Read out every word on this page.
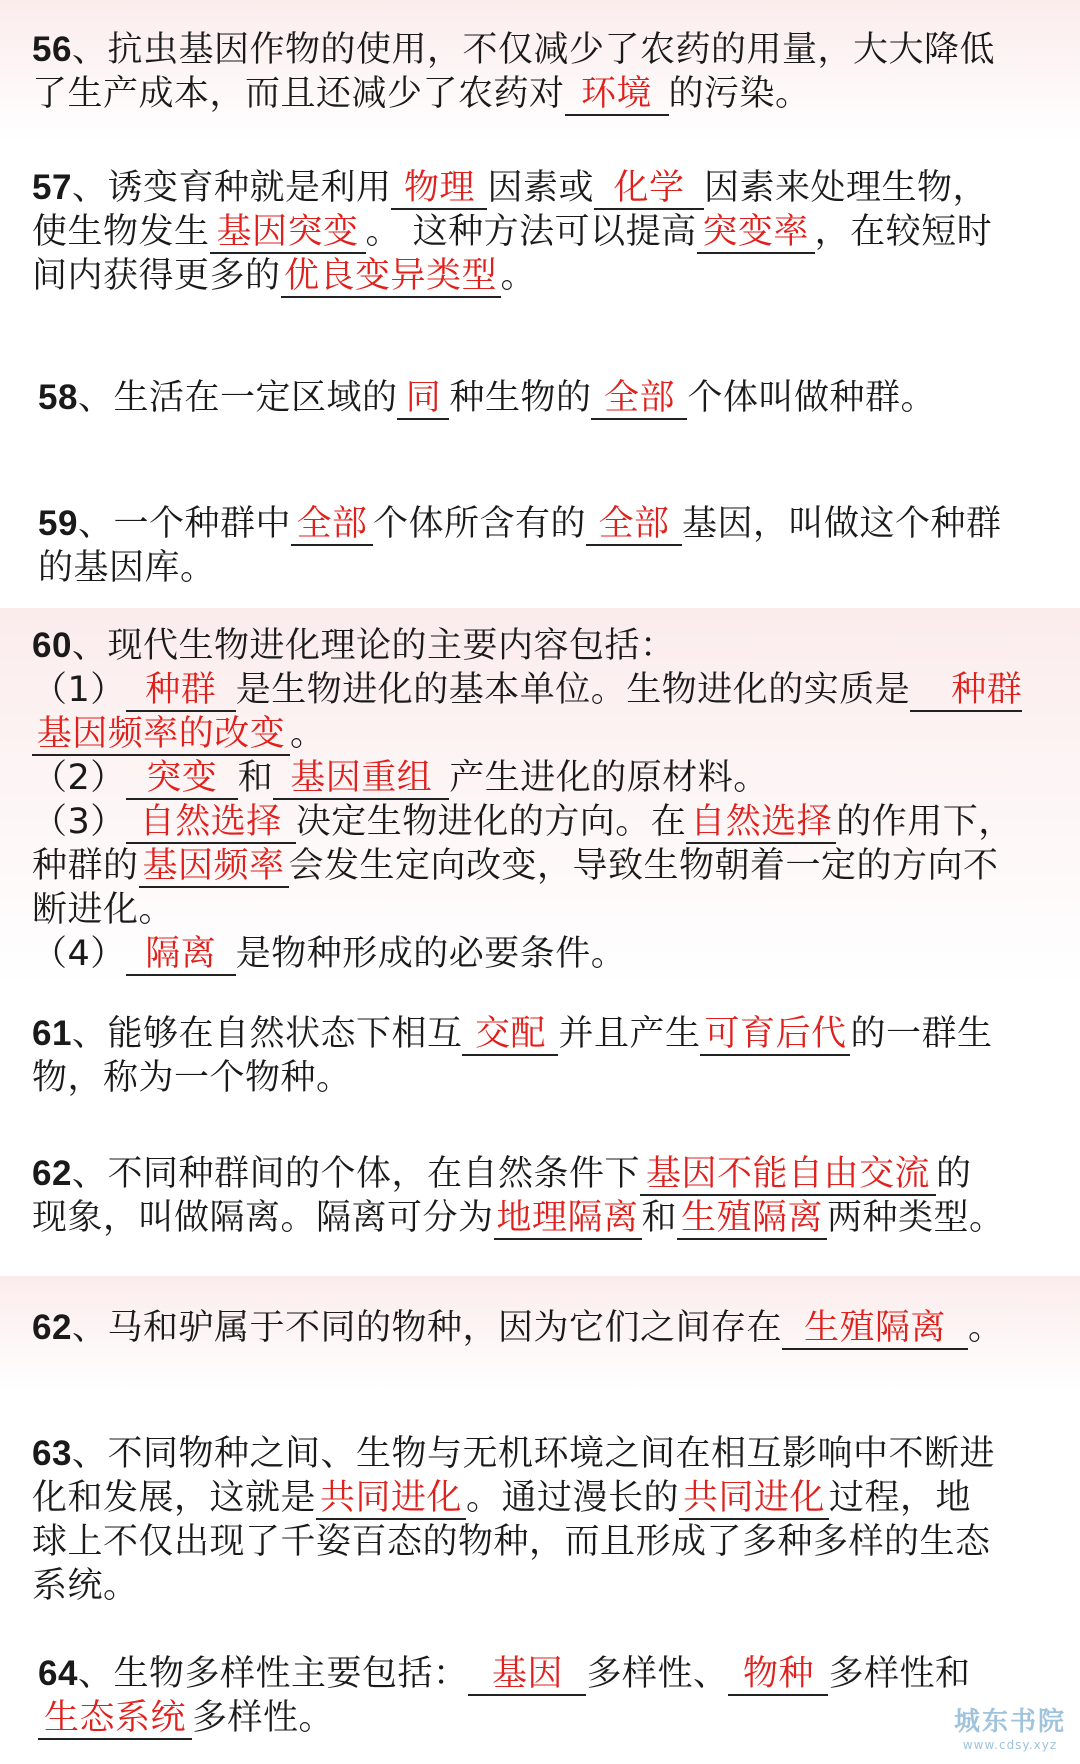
56、抗虫基因作物的使用，不仅减少了农药的用量，大大降低
了生产成本，而且还减少了农药对 环境 的污染。
57、诱变育种就是利用 物理 因素或 化学 因素来处理生物，
使生物发生 基因突变 。 这种方法可以提高 突变率 ，在较短时
间内获得更多的优良变异类型 。
58、生活在一定区域的 同 种生物的 全部 个体叫做种群。
59、一个种群中 全部 个体所含有的 全部 基因，叫做这个种群
的基因库。
60、现代生物进化理论的主要内容包括：
（1） 种群 是生物进化的基本单位。生物进化的实质是 种群
基因频率的改变 。
（2） 突变 和 基因重组 产生进化的原材料。
（3） 自然选择 决定生物进化的方向。在 自然选择 的作用下，
种群的 基因频率 会发生定向改变，导致生物朝着一定的方向不
断进化。
（4） 隔离 是物种形成的必要条件。
61、能够在自然状态下相互 交配 并且产生 可育后代 的一群生
物，称为一个物种。
62、不同种群间的个体，在自然条件下 基因不能自由交流 的
现象，叫做隔离。隔离可分为地理隔离和 生殖隔离 两种类型。
62、马和驴属于不同的物种，因为它们之间存在 生殖隔离 。
63、不同物种之间、生物与无机环境之间在相互影响中不断进
化和发展，这就是 共同进化 。通过漫长的 共同进化 过程，地
球上不仅出现了千姿百态的物种，而且形成了多种多样的生态
系统。
64、生物多样性主要包括： 基因 多样性、 物种 多样性和
生态系统 多样性。	城东书院
www.cdsy.xyz
